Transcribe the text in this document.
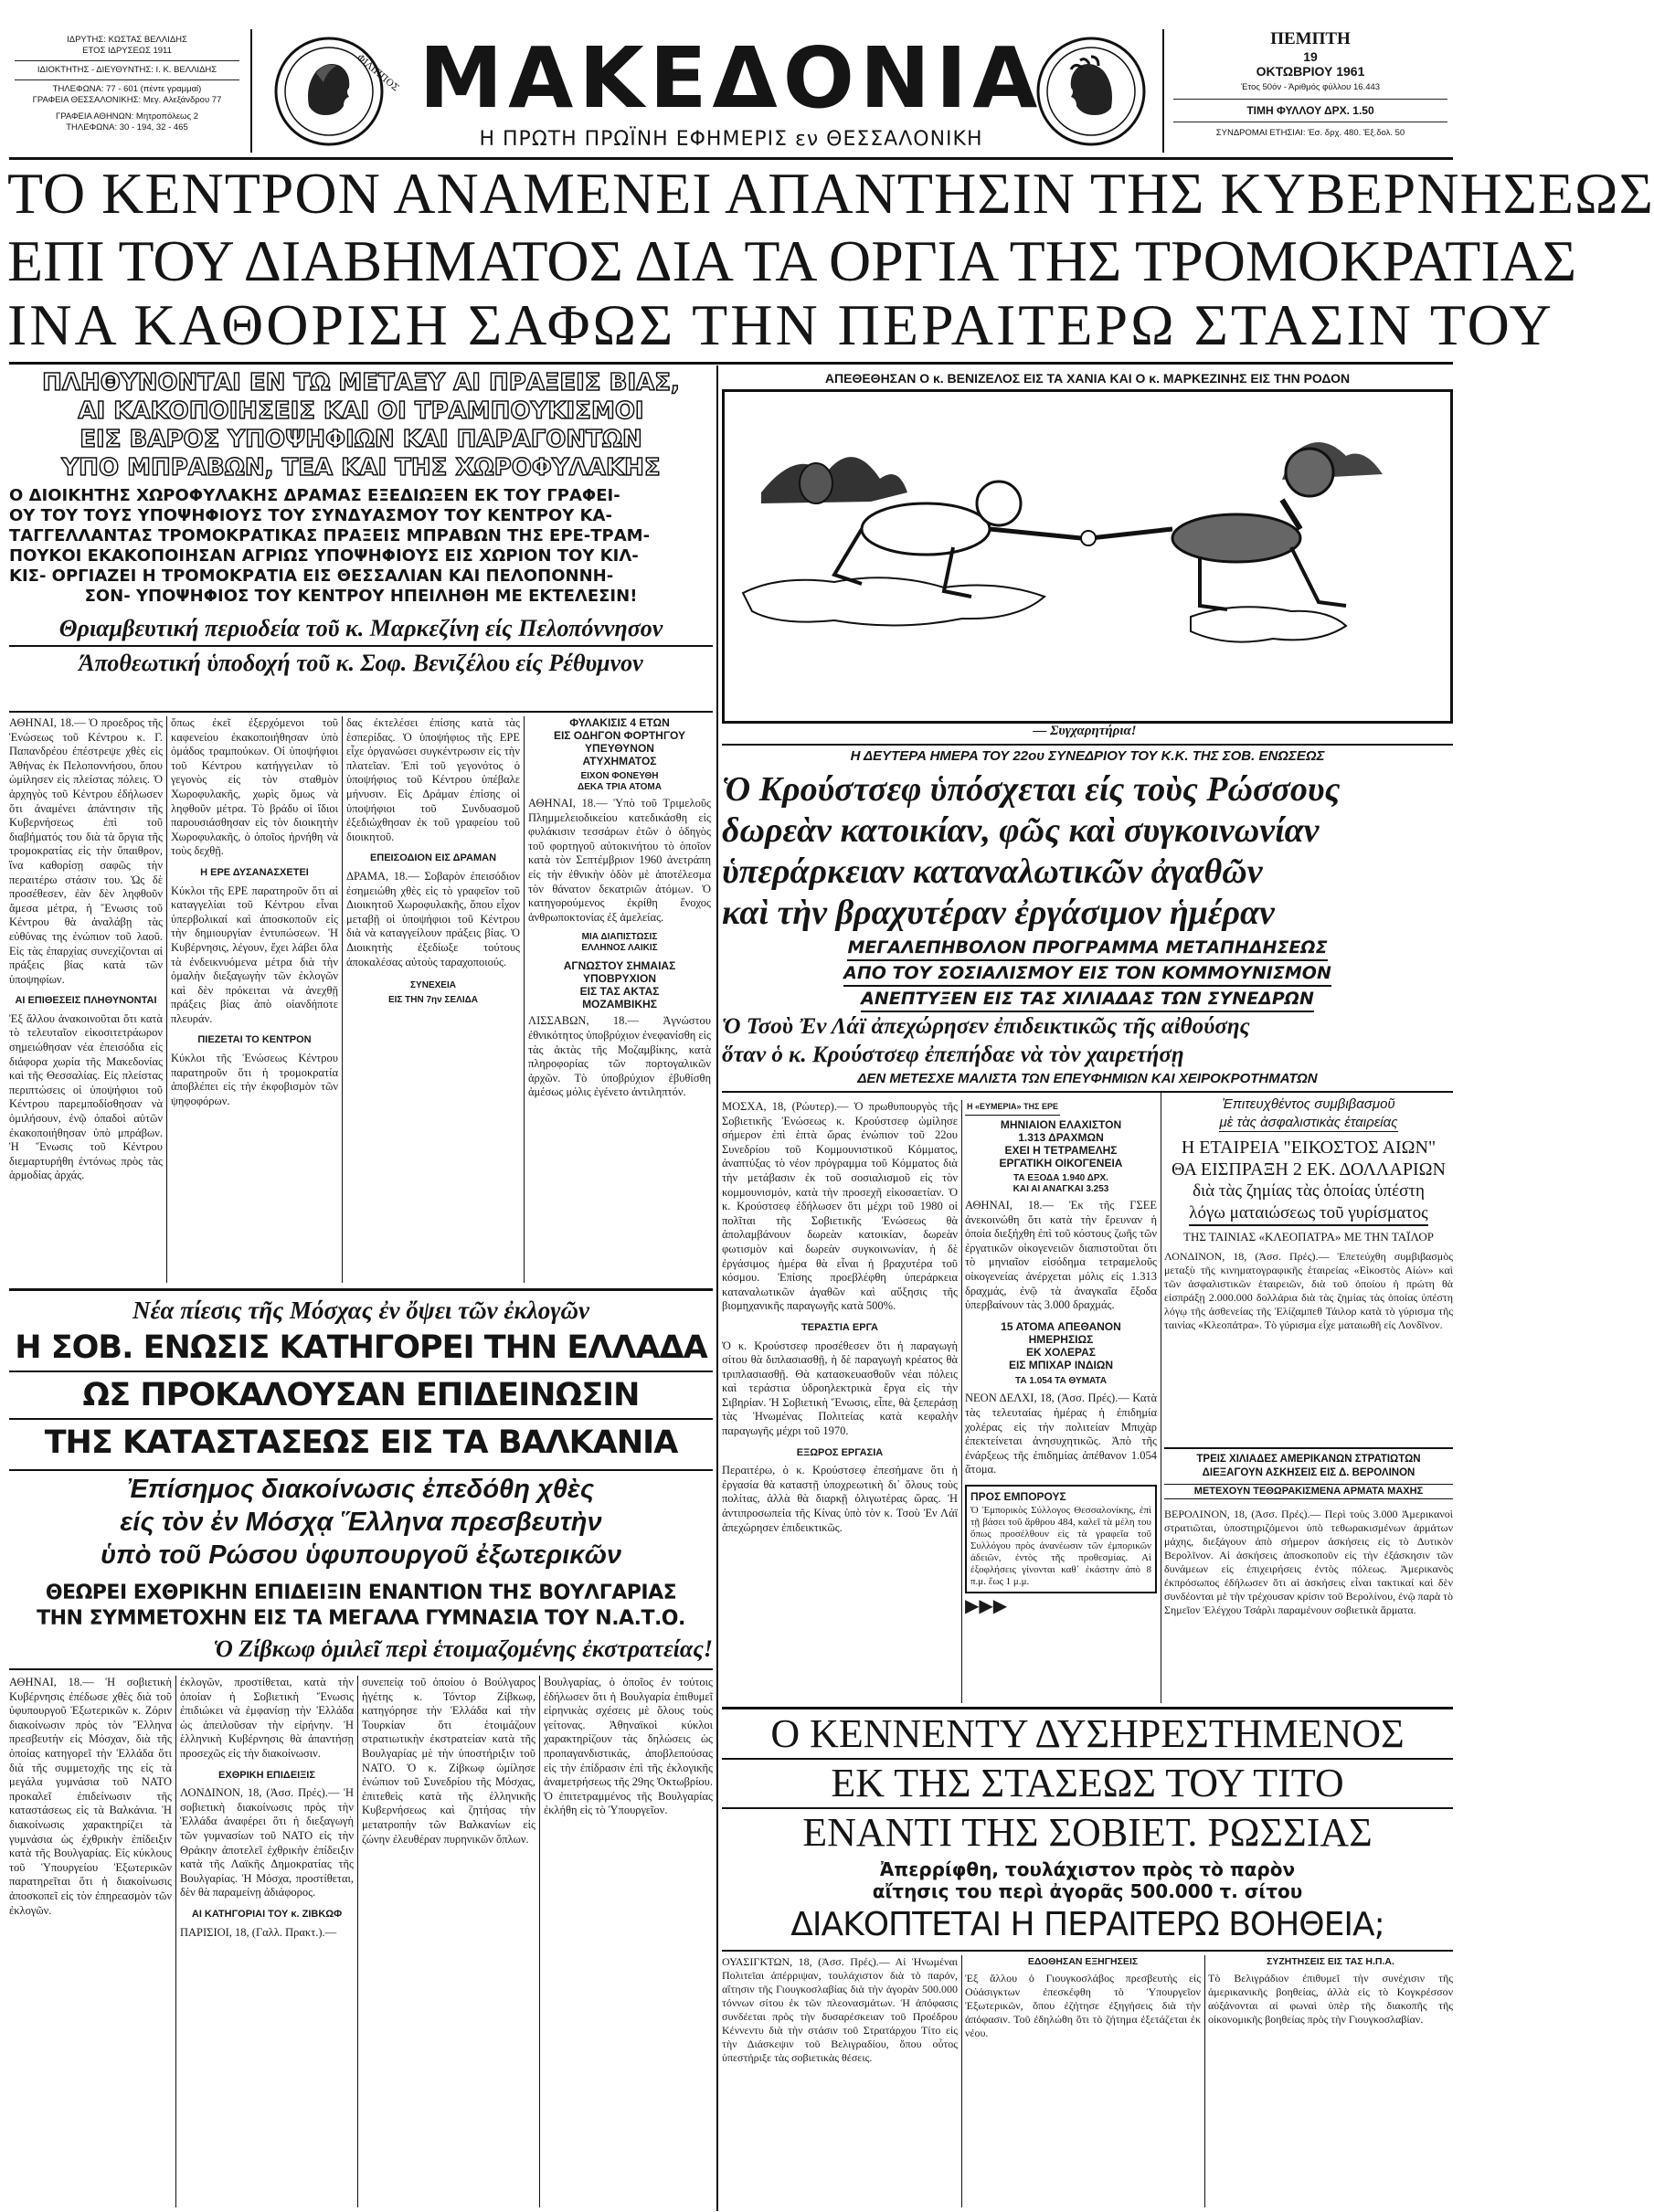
ΙΔΡΥΤΗΣ: ΚΩΣΤΑΣ ΒΕΛΛΙΔΗΣ
ΕΤΟΣ ΙΔΡΥΣΕΩΣ 1911
ΙΔΙΟΚΤΗΤΗΣ - ΔΙΕΥΘΥΝΤΗΣ: Ι. Κ. ΒΕΛΛΙΔΗΣ
ΤΗΛΕΦΩΝΑ: 77 - 601 (πέντε γραμμαί)
ΓΡΑΦΕΙΑ ΘΕΣΣΑΛΟΝΙΚΗΣ: Μεγ. Αλεξάνδρου 77
ΓΡΑΦΕΙΑ ΑΘΗΝΩΝ: Μητροπόλεως 2
ΤΗΛΕΦΩΝΑ: 30 - 194, 32 - 465
ΦΙΛΙΠΠΟΣ ΜΑΚΕΔΟΝΙΑ
Η ΠΡΩΤΗ ΠΡΩΪΝΗ ΕΦΗΜΕΡΙΣ εν ΘΕΣΣΑΛΟΝΙΚΗ
ΠΕΜΠΤΗ
19
ΟΚΤΩΒΡΙΟΥ 1961
Έτος 50όν - Άριθμός φύλλου 16.443
ΤΙΜΗ ΦΥΛΛΟΥ ΔΡΧ. 1.50
ΣΥΝΔΡΟΜΑΙ ΕΤΗΣΙΑΙ: Έσ. δρχ. 480. Έξ.δολ. 50
ΤΟ ΚΕΝΤΡΟΝ ΑΝΑΜΕΝΕΙ ΑΠΑΝΤΗΣΙΝ ΤΗΣ ΚΥΒΕΡΝΗΣΕΩΣ
ΕΠΙ ΤΟΥ ΔΙΑΒΗΜΑΤΟΣ ΔΙΑ ΤΑ ΟΡΓΙΑ ΤΗΣ ΤΡΟΜΟΚΡΑΤΙΑΣ
ΙΝΑ ΚΑΘΟΡΙΣΗ ΣΑΦΩΣ ΤΗΝ ΠΕΡΑΙΤΕΡΩ ΣΤΑΣΙΝ ΤΟΥ
ΠΛΗΘΥΝΟΝΤΑΙ ΕΝ ΤΩ ΜΕΤΑΞΥ ΑΙ ΠΡΑΞΕΙΣ ΒΙΑΣ,
ΑΙ ΚΑΚΟΠΟΙΗΣΕΙΣ ΚΑΙ ΟΙ ΤΡΑΜΠΟΥΚΙΣΜΟΙ
ΕΙΣ ΒΑΡΟΣ ΥΠΟΨΗΦΙΩΝ ΚΑΙ ΠΑΡΑΓΟΝΤΩΝ
ΥΠΟ ΜΠΡΑΒΩΝ, ΤΕΑ ΚΑΙ ΤΗΣ ΧΩΡΟΦΥΛΑΚΗΣ
Ο ΔΙΟΙΚΗΤΗΣ ΧΩΡΟΦΥΛΑΚΗΣ ΔΡΑΜΑΣ ΕΞΕΔΙΩΞΕΝ ΕΚ ΤΟΥ ΓΡΑΦΕΙ-
ΟΥ ΤΟΥ ΤΟΥΣ ΥΠΟΨΗΦΙΟΥΣ ΤΟΥ ΣΥΝΔΥΑΣΜΟΥ ΤΟΥ ΚΕΝΤΡΟΥ ΚΑ-
ΤΑΓΓΕΛΛΑΝΤΑΣ ΤΡΟΜΟΚΡΑΤΙΚΑΣ ΠΡΑΞΕΙΣ ΜΠΡΑΒΩΝ ΤΗΣ ΕΡΕ-ΤΡΑΜ-
ΠΟΥΚΟΙ ΕΚΑΚΟΠΟΙΗΣΑΝ ΑΓΡΙΩΣ ΥΠΟΨΗΦΙΟΥΣ ΕΙΣ ΧΩΡΙΟΝ ΤΟΥ ΚΙΛ-
ΚΙΣ- ΟΡΓΙΑΖΕΙ Η ΤΡΟΜΟΚΡΑΤΙΑ ΕΙΣ ΘΕΣΣΑΛΙΑΝ ΚΑΙ ΠΕΛΟΠΟΝΝΗ-
ΣΟΝ- ΥΠΟΨΗΦΙΟΣ ΤΟΥ ΚΕΝΤΡΟΥ ΗΠΕΙΛΗΘΗ ΜΕ ΕΚΤΕΛΕΣΙΝ!
Θριαμβευτική περιοδεία τοῦ κ. Μαρκεζίνη είς Πελοπόννησον
Άποθεωτική ὑποδοχή τοῦ κ. Σοφ. Βενιζέλου είς Ρέθυμνον
ΑΘΗΝΑΙ, 18.— Ὁ προεδρος τῆς Ἑνώσεως τοῦ Κέντρου κ. Γ. Παπανδρέου ἐπέστρεψε χθὲς εἰς Ἀθήνας ἐκ Πελοποννήσου, ὅπου ὡμίλησεν εἰς πλείστας πόλεις. Ὁ ἀρχηγὸς τοῦ Κέντρου ἐδήλωσεν ὅτι ἀναμένει ἀπάντησιν τῆς Κυβερνήσεως ἐπὶ τοῦ διαβήματός του διὰ τὰ ὄργια τῆς τρομοκρατίας εἰς τὴν ὕπαιθρον, ἵνα καθορίσῃ σαφῶς τὴν περαιτέρω στάσιν του. Ὡς δὲ προσέθεσεν, ἐὰν δὲν ληφθοῦν ἄμεσα μέτρα, ἡ Ἕνωσις τοῦ Κέντρου θὰ ἀναλάβῃ τὰς εὐθύνας της ἐνώπιον τοῦ λαοῦ. Εἰς τὰς ἐπαρχίας συνεχίζονται αἱ πράξεις βίας κατὰ τῶν ὑποψηφίων.
ΑΙ ΕΠΙΘΕΣΕΙΣ ΠΛΗΘΥΝΟΝΤΑΙ
Ἐξ ἄλλου ἀνακοινοῦται ὅτι κατὰ τὸ τελευταῖον εἰκοσιτετράωρον σημειώθησαν νέα ἐπεισόδια εἰς διάφορα χωρία τῆς Μακεδονίας καὶ τῆς Θεσσαλίας. Εἰς πλείστας περιπτώσεις οἱ ὑποψήφιοι τοῦ Κέντρου παρεμποδίσθησαν νὰ ὁμιλήσουν, ἐνῷ ὀπαδοὶ αὐτῶν ἐκακοποιήθησαν ὑπὸ μπράβων. Ἡ Ἕνωσις τοῦ Κέντρου διεμαρτυρήθη ἐντόνως πρὸς τὰς ἁρμοδίας ἀρχάς.
ὅπως ἐκεῖ ἐξερχόμενοι τοῦ καφενείου ἐκακοποιήθησαν ὑπὸ ὁμάδος τραμπούκων. Οἱ ὑποψήφιοι τοῦ Κέντρου κατήγγειλαν τὸ γεγονὸς εἰς τὸν σταθμὸν Χωροφυλακῆς, χωρὶς ὅμως νὰ ληφθοῦν μέτρα. Τὸ βράδυ οἱ ἴδιοι παρουσιάσθησαν εἰς τὸν διοικητὴν Χωροφυλακῆς, ὁ ὁποῖος ἠρνήθη νὰ τοὺς δεχθῇ.
Η ΕΡΕ ΔΥΣΑΝΑΣΧΕΤΕΙ
Κύκλοι τῆς ΕΡΕ παρατηροῦν ὅτι αἱ καταγγελίαι τοῦ Κέντρου εἶναι ὑπερβολικαί καὶ ἀποσκοποῦν εἰς τὴν δημιουργίαν ἐντυπώσεων. Ἡ Κυβέρνησις, λέγουν, ἔχει λάβει ὅλα τὰ ἐνδεικνυόμενα μέτρα διὰ τὴν ὁμαλὴν διεξαγωγὴν τῶν ἐκλογῶν καὶ δὲν πρόκειται νὰ ἀνεχθῇ πράξεις βίας ἀπὸ οἱανδήποτε πλευράν.
ΠΙΕΖΕΤΑΙ ΤΟ ΚΕΝΤΡΟΝ
Κύκλοι τῆς Ἑνώσεως Κέντρου παρατηροῦν ὅτι ἡ τρομοκρατία ἀποβλέπει εἰς τὴν ἐκφοβισμὸν τῶν ψηφοφόρων.
δας ἐκτελέσει ἐπίσης κατὰ τὰς ἑσπερίδας. Ὁ ὑποψήφιος τῆς ΕΡΕ εἶχε ὀργανώσει συγκέντρωσιν εἰς τὴν πλατεῖαν. Ἐπὶ τοῦ γεγονότος ὁ ὑποψήφιος τοῦ Κέντρου ὑπέβαλε μήνυσιν. Εἰς Δράμαν ἐπίσης οἱ ὑποψήφιοι τοῦ Συνδυασμοῦ ἐξεδιώχθησαν ἐκ τοῦ γραφείου τοῦ διοικητοῦ.
ΕΠΕΙΣΟΔΙΟΝ ΕΙΣ ΔΡΑΜΑΝ
ΔΡΑΜΑ, 18.— Σοβαρὸν ἐπεισόδιον ἐσημειώθη χθὲς εἰς τὸ γραφεῖον τοῦ Διοικητοῦ Χωροφυλακῆς, ὅπου εἶχον μεταβῇ οἱ ὑποψήφιοι τοῦ Κέντρου διὰ νὰ καταγγείλουν πράξεις βίας. Ὁ Διοικητὴς ἐξεδίωξε τούτους ἀποκαλέσας αὐτοὺς ταραχοποιούς.
ΣΥΝΕΧΕΙΑ
ΕΙΣ ΤΗΝ 7ην ΣΕΛΙΔΑ
ΦΥΛΑΚΙΣΙΣ 4 ΕΤΩΝ
ΕΙΣ ΟΔΗΓΟΝ ΦΟΡΤΗΓΟΥ
ΥΠΕΥΘΥΝΟΝ
ΑΤΥΧΗΜΑΤΟΣ
ΕΙΧΟΝ ΦΟΝΕΥΘΗ
ΔΕΚΑ ΤΡΙΑ ΑΤΟΜΑ
ΑΘΗΝΑΙ, 18.— Ὑπὸ τοῦ Τριμελοῦς Πλημμελειοδικείου κατεδικάσθη εἰς φυλάκισιν τεσσάρων ἐτῶν ὁ ὁδηγὸς τοῦ φορτηγοῦ αὐτοκινήτου τὸ ὁποῖον κατὰ τὸν Σεπτέμβριον 1960 ἀνετράπη εἰς τὴν ἐθνικὴν ὁδὸν μὲ ἀποτέλεσμα τὸν θάνατον δεκατριῶν ἀτόμων. Ὁ κατηγορούμενος ἐκρίθη ἔνοχος ἀνθρωποκτονίας ἐξ ἀμελείας.
ΜΙΑ ΔΙΑΠΙΣΤΩΣΙΣ
ΕΛΛΗΝΟΣ ΛΑΙΚΙΣ
ΑΓΝΩΣΤΟΥ ΣΗΜΑΙΑΣ
ΥΠΟΒΡΥΧΙΟΝ
ΕΙΣ ΤΑΣ ΑΚΤΑΣ
ΜΟΖΑΜΒΙΚΗΣ
ΛΙΣΣΑΒΩΝ, 18.— Ἀγνώστου ἐθνικότητος ὑποβρύχιον ἐνεφανίσθη εἰς τὰς ἀκτὰς τῆς Μοζαμβίκης, κατὰ πληροφορίας τῶν πορτογαλικῶν ἀρχῶν. Τὸ ὑποβρύχιον ἐβυθίσθη ἀμέσως μόλις ἐγένετο ἀντιληπτόν.
ΑΠΕΘΕΘΗΣΑΝ Ο κ. ΒΕΝΙΖΕΛΟΣ ΕΙΣ ΤΑ ΧΑΝΙΑ ΚΑΙ Ο κ. ΜΑΡΚΕΖΙΝΗΣ ΕΙΣ ΤΗΝ ΡΟΔΟΝ
— Συγχαρητήρια!
Η ΔΕΥΤΕΡΑ ΗΜΕΡΑ ΤΟΥ 22ου ΣΥΝΕΔΡΙΟΥ ΤΟΥ Κ.Κ. ΤΗΣ ΣΟΒ. ΕΝΩΣΕΩΣ
Ὁ Κρούστσεφ ὑπόσχεται είς τοὺς Ρώσσους
δωρεὰν κατοικίαν, φῶς καὶ συγκοινωνίαν
ὑπεράρκειαν καταναλωτικῶν ἀγαθῶν
καὶ τὴν βραχυτέραν ἐργάσιμον ἡμέραν
ΜΕΓΑΛΕΠΗΒΟΛΟΝ ΠΡΟΓΡΑΜΜΑ ΜΕΤΑΠΗΔΗΣΕΩΣ
ΑΠΟ ΤΟΥ ΣΟΣΙΑΛΙΣΜΟΥ ΕΙΣ ΤΟΝ ΚΟΜΜΟΥΝΙΣΜΟΝ
ΑΝΕΠΤΥΞΕΝ ΕΙΣ ΤΑΣ ΧΙΛΙΑΔΑΣ ΤΩΝ ΣΥΝΕΔΡΩΝ
Ὁ Τσοὺ Ἐν Λάϊ ἀπεχώρησεν ἐπιδεικτικῶς τῆς αἰθούσης
ὅταν ὁ κ. Κρούστσεφ ἐπεπήδαε νὰ τὸν χαιρετήσῃ
ΔΕΝ ΜΕΤΕΣΧΕ ΜΑΛΙΣΤΑ ΤΩΝ ΕΠΕΥΦΗΜΙΩΝ ΚΑΙ ΧΕΙΡΟΚΡΟΤΗΜΑΤΩΝ
ΜΟΣΧΑ, 18, (Ρώυτερ).— Ὁ πρωθυπουργὸς τῆς Σοβιετικῆς Ἑνώσεως κ. Κρούστσεφ ὡμίλησε σήμερον ἐπὶ ἑπτὰ ὥρας ἐνώπιον τοῦ 22ου Συνεδρίου τοῦ Κομμουνιστικοῦ Κόμματος, ἀναπτύξας τὸ νέον πρόγραμμα τοῦ Κόμματος διὰ τὴν μετάβασιν ἐκ τοῦ σοσιαλισμοῦ εἰς τὸν κομμουνισμόν, κατὰ τὴν προσεχῆ εἰκοσαετίαν. Ὁ κ. Κρούστσεφ ἐδήλωσεν ὅτι μέχρι τοῦ 1980 οἱ πολῖται τῆς Σοβιετικῆς Ἑνώσεως θὰ ἀπολαμβάνουν δωρεὰν κατοικίαν, δωρεὰν φωτισμὸν καὶ δωρεὰν συγκοινωνίαν, ἡ δὲ ἐργάσιμος ἡμέρα θὰ εἶναι ἡ βραχυτέρα τοῦ κόσμου. Ἐπίσης προεβλέφθη ὑπεράρκεια καταναλωτικῶν ἀγαθῶν καὶ αὔξησις τῆς βιομηχανικῆς παραγωγῆς κατὰ 500%.
ΤΕΡΑΣΤΙΑ ΕΡΓΑ
Ὁ κ. Κρούστσεφ προσέθεσεν ὅτι ἡ παραγωγὴ σίτου θὰ διπλασιασθῇ, ἡ δὲ παραγωγὴ κρέατος θὰ τριπλασιασθῇ. Θὰ κατασκευασθοῦν νέαι πόλεις καὶ τεράστια ὑδροηλεκτρικὰ ἔργα εἰς τὴν Σιβηρίαν. Ἡ Σοβιετικὴ Ἕνωσις, εἶπε, θὰ ξεπεράσῃ τὰς Ἡνωμένας Πολιτείας κατὰ κεφαλὴν παραγωγῆς μέχρι τοῦ 1970.
ΕΞΩΡΟΣ ΕΡΓΑΣΙΑ
Περαιτέρω, ὁ κ. Κρούστσεφ ἐπεσήμανε ὅτι ἡ ἐργασία θὰ καταστῇ ὑποχρεωτικὴ δι᾽ ὅλους τοὺς πολίτας, ἀλλὰ θὰ διαρκῇ ὀλιγωτέρας ὥρας. Ἡ ἀντιπροσωπεία τῆς Κίνας ὑπὸ τὸν κ. Τσοὺ Ἐν Λάϊ ἀπεχώρησεν ἐπιδεικτικῶς.
Η «ΕΥΜΕΡΙΑ» ΤΗΣ ΕΡΕ
ΜΗΝΙΑΙΟΝ ΕΛΑΧΙΣΤΟΝ
1.313 ΔΡΑΧΜΩΝ
ΕΧΕΙ Η ΤΕΤΡΑΜΕΛΗΣ
ΕΡΓΑΤΙΚΗ ΟΙΚΟΓΕΝΕΙΑ
ΤΑ ΕΞΟΔΑ 1.940 ΔΡΧ.
ΚΑΙ ΑΙ ΑΝΑΓΚΑΙ 3.253
ΑΘΗΝΑΙ, 18.— Ἐκ τῆς ΓΣΕΕ ἀνεκοινώθη ὅτι κατὰ τὴν ἔρευναν ἡ ὁποία διεξήχθη ἐπὶ τοῦ κόστους ζωῆς τῶν ἐργατικῶν οἰκογενειῶν διαπιστοῦται ὅτι τὸ μηνιαῖον εἰσόδημα τετραμελοῦς οἰκογενείας ἀνέρχεται μόλις εἰς 1.313 δραχμάς, ἐνῷ τὰ ἀναγκαῖα ἔξοδα ὑπερβαίνουν τὰς 3.000 δραχμάς.
15 ΑΤΟΜΑ ΑΠΕΘΑΝΟΝ
ΗΜΕΡΗΣΙΩΣ
ΕΚ ΧΟΛΕΡΑΣ
ΕΙΣ ΜΠΙΧΑΡ ΙΝΔΙΩΝ
ΤΑ 1.054 ΤΑ ΘΥΜΑΤΑ
ΝΕΟΝ ΔΕΛΧΙ, 18, (Ἀσσ. Πρές).— Κατὰ τὰς τελευταίας ἡμέρας ἡ ἐπιδημία χολέρας εἰς τὴν πολιτείαν Μπιχὰρ ἐπεκτείνεται ἀνησυχητικῶς. Ἀπὸ τῆς ἐνάρξεως τῆς ἐπιδημίας ἀπέθανον 1.054 ἄτομα.
ΠΡΟΣ ΕΜΠΟΡΟΥΣ
Ὁ Ἐμπορικὸς Σύλλογος Θεσσαλονίκης, ἐπὶ τῇ βάσει τοῦ ἄρθρου 484, καλεῖ τὰ μέλη του ὅπως προσέλθουν εἰς τὰ γραφεῖα τοῦ Συλλόγου πρὸς ἀνανέωσιν τῶν ἐμπορικῶν ἀδειῶν, ἐντὸς τῆς προθεσμίας. Αἱ ἐξοφλήσεις γίνονται καθ᾽ ἑκάστην ἀπὸ 8 π.μ. ἕως 1 μ.μ.
▶▶▶
Ἐπιτευχθέντος συμβιβασμοῦ
μὲ τὰς ἀσφαλιστικὰς ἑταιρείας
Η ΕΤΑΙΡΕΙΑ "ΕΙΚΟΣΤΟΣ ΑΙΩΝ"
ΘΑ ΕΙΣΠΡΑΞΗ 2 ΕΚ. ΔΟΛΛΑΡΙΩΝ
διὰ τὰς ζημίας τὰς ὁποίας ὑπέστη
λόγω ματαιώσεως τοῦ γυρίσματος
ΤΗΣ ΤΑΙΝΙΑΣ «ΚΛΕΟΠΑΤΡΑ» ΜΕ ΤΗΝ ΤΑΪΛΟΡ
ΛΟΝΔΙΝΟΝ, 18, (Ἀσσ. Πρές).— Ἐπετεύχθη συμβιβασμὸς μεταξὺ τῆς κινηματογραφικῆς ἑταιρείας «Εἰκοστὸς Αἰών» καὶ τῶν ἀσφαλιστικῶν ἑταιρειῶν, διὰ τοῦ ὁποίου ἡ πρώτη θὰ εἰσπράξῃ 2.000.000 δολλάρια διὰ τὰς ζημίας τὰς ὁποίας ὑπέστη λόγῳ τῆς ἀσθενείας τῆς Ἐλίζαμπεθ Τάιλορ κατὰ τὸ γύρισμα τῆς ταινίας «Κλεοπάτρα». Τὸ γύρισμα εἶχε ματαιωθῆ εἰς Λονδῖνον.
ΤΡΕΙΣ ΧΙΛΙΑΔΕΣ ΑΜΕΡΙΚΑΝΩΝ ΣΤΡΑΤΙΩΤΩΝ
ΔΙΕΞΑΓΟΥΝ ΑΣΚΗΣΕΙΣ ΕΙΣ Δ. ΒΕΡΟΛΙΝΟΝ
ΜΕΤΕΧΟΥΝ ΤΕΘΩΡΑΚΙΣΜΕΝΑ ΑΡΜΑΤΑ ΜΑΧΗΣ
ΒΕΡΟΛΙΝΟΝ, 18, (Ἀσσ. Πρές).— Περὶ τοὺς 3.000 Ἀμερικανοὶ στρατιῶται, ὑποστηριζόμενοι ὑπὸ τεθωρακισμένων ἁρμάτων μάχης, διεξάγουν ἀπὸ σήμερον ἀσκήσεις εἰς τὸ Δυτικὸν Βερολῖνον. Αἱ ἀσκήσεις ἀποσκοποῦν εἰς τὴν ἐξάσκησιν τῶν δυνάμεων εἰς ἐπιχειρήσεις ἐντὸς πόλεως. Ἀμερικανὸς ἐκπρόσωπος ἐδήλωσεν ὅτι αἱ ἀσκήσεις εἶναι τακτικαί καὶ δὲν συνδέονται μὲ τὴν τρέχουσαν κρίσιν τοῦ Βερολίνου, ἐνῷ παρὰ τὸ Σημεῖον Ἐλέγχου Τσάρλι παραμένουν σοβιετικὰ ἅρματα.
Ο ΚΕΝΝΕΝΤΥ ΔΥΣΗΡΕΣΤΗΜΕΝΟΣ
ΕΚ ΤΗΣ ΣΤΑΣΕΩΣ ΤΟΥ ΤΙΤΟ
ΕΝΑΝΤΙ ΤΗΣ ΣΟΒΙΕΤ. ΡΩΣΣΙΑΣ
Ἀπερρίφθη, τουλάχιστον πρὸς τὸ παρὸν
αἴτησις του περὶ ἀγορᾶς 500.000 τ. σίτου
ΔΙΑΚΟΠΤΕΤΑΙ Η ΠΕΡΑΙΤΕΡΩ ΒΟΗΘΕΙΑ;
ΟΥΑΣΙΓΚΤΩΝ, 18, (Ἀσσ. Πρές).— Αἱ Ἡνωμέναι Πολιτεῖαι ἀπέρριψαν, τουλάχιστον διὰ τὸ παρόν, αἴτησιν τῆς Γιουγκοσλαβίας διὰ τὴν ἀγορὰν 500.000 τόννων σίτου ἐκ τῶν πλεονασμάτων. Ἡ ἀπόφασις συνδέεται πρὸς τὴν δυσαρέσκειαν τοῦ Προέδρου Κέννεντυ διὰ τὴν στάσιν τοῦ Στρατάρχου Τίτο εἰς τὴν Διάσκεψιν τοῦ Βελιγραδίου, ὅπου οὗτος ὑπεστήριξε τὰς σοβιετικὰς θέσεις.
ΕΔΟΘΗΣΑΝ ΕΞΗΓΗΣΕΙΣ
Ἐξ ἄλλου ὁ Γιουγκοσλάβος πρεσβευτὴς εἰς Οὐάσιγκτων ἐπεσκέφθη τὸ Ὑπουργεῖον Ἐξωτερικῶν, ὅπου ἐζήτησε ἐξηγήσεις διὰ τὴν ἀπόφασιν. Τοῦ ἐδηλώθη ὅτι τὸ ζήτημα ἐξετάζεται ἐκ νέου.
ΣΥΖΗΤΗΣΕΙΣ ΕΙΣ ΤΑΣ Η.Π.Α.
Τὸ Βελιγράδιον ἐπιθυμεῖ τὴν συνέχισιν τῆς ἀμερικανικῆς βοηθείας, ἀλλὰ εἰς τὸ Κογκρέσσον αὐξάνονται αἱ φωναὶ ὑπὲρ τῆς διακοπῆς τῆς οἰκονομικῆς βοηθείας πρὸς τὴν Γιουγκοσλαβίαν.
Νέα πίεσις τῆς Μόσχας ἐν ὄψει τῶν ἐκλογῶν
Η ΣΟΒ. ΕΝΩΣΙΣ ΚΑΤΗΓΟΡΕΙ ΤΗΝ ΕΛΛΑΔΑ
ΩΣ ΠΡΟΚΑΛΟΥΣΑΝ ΕΠΙΔΕΙΝΩΣΙΝ
ΤΗΣ ΚΑΤΑΣΤΑΣΕΩΣ ΕΙΣ ΤΑ ΒΑΛΚΑΝΙΑ
Ἐπίσημος διακοίνωσις ἐπεδόθη χθὲς
είς τὸν ἐν Μόσχᾳ Ἕλληνα πρεσβευτὴν
ὑπὸ τοῦ Ρώσου ὑφυπουργοῦ ἐξωτερικῶν
ΘΕΩΡΕΙ ΕΧΘΡΙΚΗΝ ΕΠΙΔΕΙΞΙΝ ΕΝΑΝΤΙΟΝ ΤΗΣ ΒΟΥΛΓΑΡΙΑΣ
ΤΗΝ ΣΥΜΜΕΤΟΧΗΝ ΕΙΣ ΤΑ ΜΕΓΑΛΑ ΓΥΜΝΑΣΙΑ ΤΟΥ Ν.Α.Τ.Ο.
Ὁ Ζίβκωφ ὁμιλεῖ περὶ ἑτοιμαζομένης ἐκστρατείας!
ΑΘΗΝΑΙ, 18.— Ἡ σοβιετικὴ Κυβέρνησις ἐπέδωσε χθὲς διὰ τοῦ ὑφυπουργοῦ Ἐξωτερικῶν κ. Ζόριν διακοίνωσιν πρὸς τὸν Ἕλληνα πρεσβευτὴν εἰς Μόσχαν, διὰ τῆς ὁποίας κατηγορεῖ τὴν Ἑλλάδα ὅτι διὰ τῆς συμμετοχῆς της εἰς τὰ μεγάλα γυμνάσια τοῦ ΝΑΤΟ προκαλεῖ ἐπιδείνωσιν τῆς καταστάσεως εἰς τὰ Βαλκάνια. Ἡ διακοίνωσις χαρακτηρίζει τὰ γυμνάσια ὡς ἐχθρικὴν ἐπίδειξιν κατὰ τῆς Βουλγαρίας. Εἰς κύκλους τοῦ Ὑπουργείου Ἐξωτερικῶν παρατηρεῖται ὅτι ἡ διακοίνωσις ἀποσκοπεῖ εἰς τὸν ἐπηρεασμὸν τῶν ἐκλογῶν.
ἐκλογῶν, προστίθεται, κατὰ τὴν ὁποίαν ἡ Σοβιετικὴ Ἕνωσις ἐπιδιώκει νὰ ἐμφανίσῃ τὴν Ἑλλάδα ὡς ἀπειλοῦσαν τὴν εἰρήνην. Ἡ ἑλληνικὴ Κυβέρνησις θὰ ἀπαντήσῃ προσεχῶς εἰς τὴν διακοίνωσιν.
ΕΧΘΡΙΚΗ ΕΠΙΔΕΙΞΙΣ
ΛΟΝΔΙΝΟΝ, 18, (Ἀσσ. Πρές).— Ἡ σοβιετικὴ διακοίνωσις πρὸς τὴν Ἑλλάδα ἀναφέρει ὅτι ἡ διεξαγωγὴ τῶν γυμνασίων τοῦ ΝΑΤΟ εἰς τὴν Θράκην ἀποτελεῖ ἐχθρικὴν ἐπίδειξιν κατὰ τῆς Λαϊκῆς Δημοκρατίας τῆς Βουλγαρίας. Ἡ Μόσχα, προστίθεται, δὲν θὰ παραμείνῃ ἀδιάφορος.
ΑΙ ΚΑΤΗΓΟΡΙΑΙ ΤΟΥ κ. ΖΙΒΚΩΦ
ΠΑΡΙΣΙΟΙ, 18, (Γαλλ. Πρακτ.).—
συνεπείᾳ τοῦ ὁποίου ὁ Βούλγαρος ἡγέτης κ. Τόντορ Ζίβκωφ, κατηγόρησε τὴν Ἑλλάδα καὶ τὴν Τουρκίαν ὅτι ἑτοιμάζουν στρατιωτικὴν ἐκστρατείαν κατὰ τῆς Βουλγαρίας μὲ τὴν ὑποστήριξιν τοῦ ΝΑΤΟ. Ὁ κ. Ζίβκωφ ὡμίλησε ἐνώπιον τοῦ Συνεδρίου τῆς Μόσχας, ἐπιτεθεὶς κατὰ τῆς ἑλληνικῆς Κυβερνήσεως καὶ ζητήσας τὴν μετατροπὴν τῶν Βαλκανίων εἰς ζώνην ἐλευθέραν πυρηνικῶν ὅπλων.
Βουλγαρίας, ὁ ὁποῖος ἐν τούτοις ἐδήλωσεν ὅτι ἡ Βουλγαρία ἐπιθυμεῖ εἰρηνικὰς σχέσεις μὲ ὅλους τοὺς γείτονας. Ἀθηναϊκοὶ κύκλοι χαρακτηρίζουν τὰς δηλώσεις ὡς προπαγανδιστικάς, ἀποβλεπούσας εἰς τὴν ἐπίδρασιν ἐπὶ τῆς ἐκλογικῆς ἀναμετρήσεως τῆς 29ης Ὀκτωβρίου. Ὁ ἐπιτετραμμένος τῆς Βουλγαρίας ἐκλήθη εἰς τὸ Ὑπουργεῖον.
